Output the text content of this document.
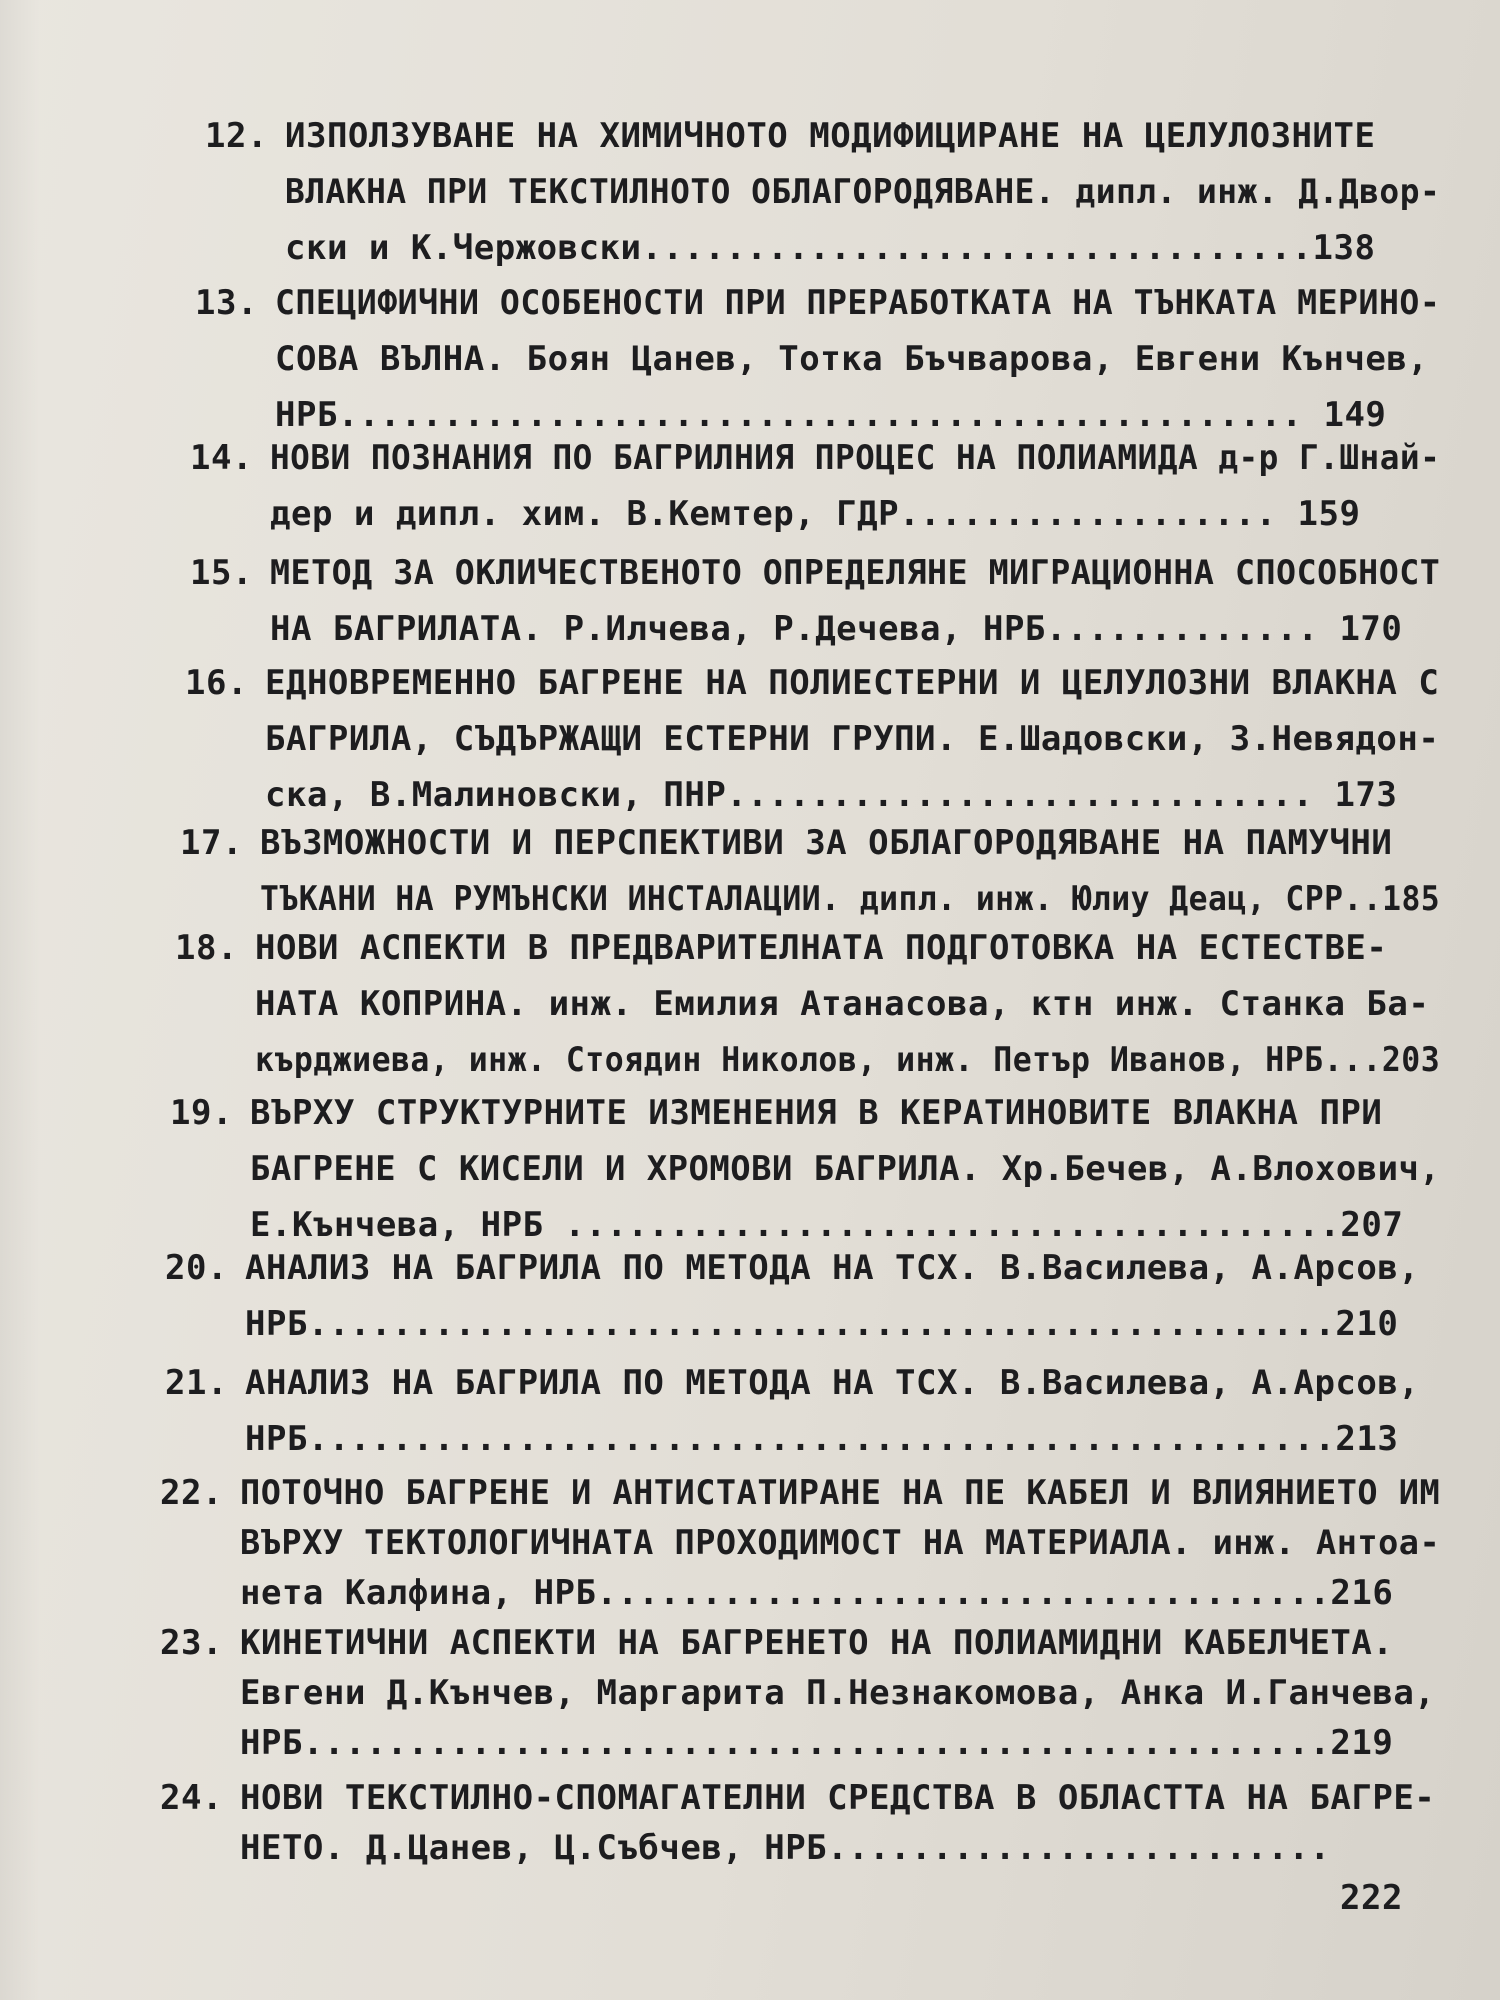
12. ИЗПОЛЗУВАНЕ НА ХИМИЧНОТО МОДИФИЦИРАНЕ НА ЦЕЛУЛОЗНИТЕ
ВЛАКНА ПРИ ТЕКСТИЛНОТО ОБЛАГОРОДЯВАНЕ. дипл. инж. Д.Двор-
ски и К.Чержовски................................138
13. СПЕЦИФИЧНИ ОСОБЕНОСТИ ПРИ ПРЕРАБОТКАТА НА ТЪНКАТА МЕРИНО-
СОВА ВЪЛНА. Боян Цанев, Тотка Бъчварова, Евгени Кънчев,
НРБ.............................................. 149
14. НОВИ ПОЗНАНИЯ ПО БАГРИЛНИЯ ПРОЦЕС НА ПОЛИАМИДА д-р Г.Шнай-
дер и дипл. хим. В.Кемтер, ГДР.................. 159
15. МЕТОД ЗА ОКЛИЧЕСТВЕНОТО ОПРЕДЕЛЯНЕ МИГРАЦИОННА СПОСОБНОСТ
НА БАГРИЛАТА. Р.Илчева, Р.Дечева, НРБ............. 170
16. ЕДНОВРЕМЕННО БАГРЕНЕ НА ПОЛИЕСТЕРНИ И ЦЕЛУЛОЗНИ ВЛАКНА С
БАГРИЛА, СЪДЪРЖАЩИ ЕСТЕРНИ ГРУПИ. Е.Шадовски, З.Невядон-
ска, В.Малиновски, ПНР............................ 173
17. ВЪЗМОЖНОСТИ И ПЕРСПЕКТИВИ ЗА ОБЛАГОРОДЯВАНЕ НА ПАМУЧНИ
ТЪКАНИ НА РУМЪНСКИ ИНСТАЛАЦИИ. дипл. инж. Юлиу Деац, СРР..185
18. НОВИ АСПЕКТИ В ПРЕДВАРИТЕЛНАТА ПОДГОТОВКА НА ЕСТЕСТВЕ-
НАТА КОПРИНА. инж. Емилия Атанасова, ктн инж. Станка Ба-
кърджиева, инж. Стоядин Николов, инж. Петър Иванов, НРБ...203
19. ВЪРХУ СТРУКТУРНИТЕ ИЗМЕНЕНИЯ В КЕРАТИНОВИТЕ ВЛАКНА ПРИ
БАГРЕНЕ С КИСЕЛИ И ХРОМОВИ БАГРИЛА. Хр.Бечев, А.Влохович,
Е.Кънчева, НРБ .....................................207
20. АНАЛИЗ НА БАГРИЛА ПО МЕТОДА НА ТСХ. В.Василева, А.Арсов,
НРБ.................................................210
21. АНАЛИЗ НА БАГРИЛА ПО МЕТОДА НА ТСХ. В.Василева, А.Арсов,
НРБ.................................................213
22. ПОТОЧНО БАГРЕНЕ И АНТИСТАТИРАНЕ НА ПЕ КАБЕЛ И ВЛИЯНИЕТО ИМ
ВЪРХУ ТЕКТОЛОГИЧНАТА ПРОХОДИМОСТ НА МАТЕРИАЛА. инж. Антоа-
нета Калфина, НРБ...................................216
23. КИНЕТИЧНИ АСПЕКТИ НА БАГРЕНЕТО НА ПОЛИАМИДНИ КАБЕЛЧЕТА.
Евгени Д.Кънчев, Маргарита П.Незнакомова, Анка И.Ганчева,
НРБ.................................................219
24. НОВИ ТЕКСТИЛНО-СПОМАГАТЕЛНИ СРЕДСТВА В ОБЛАСТТА НА БАГРЕ-
НЕТО. Д.Цанев, Ц.Събчев, НРБ........................
222
